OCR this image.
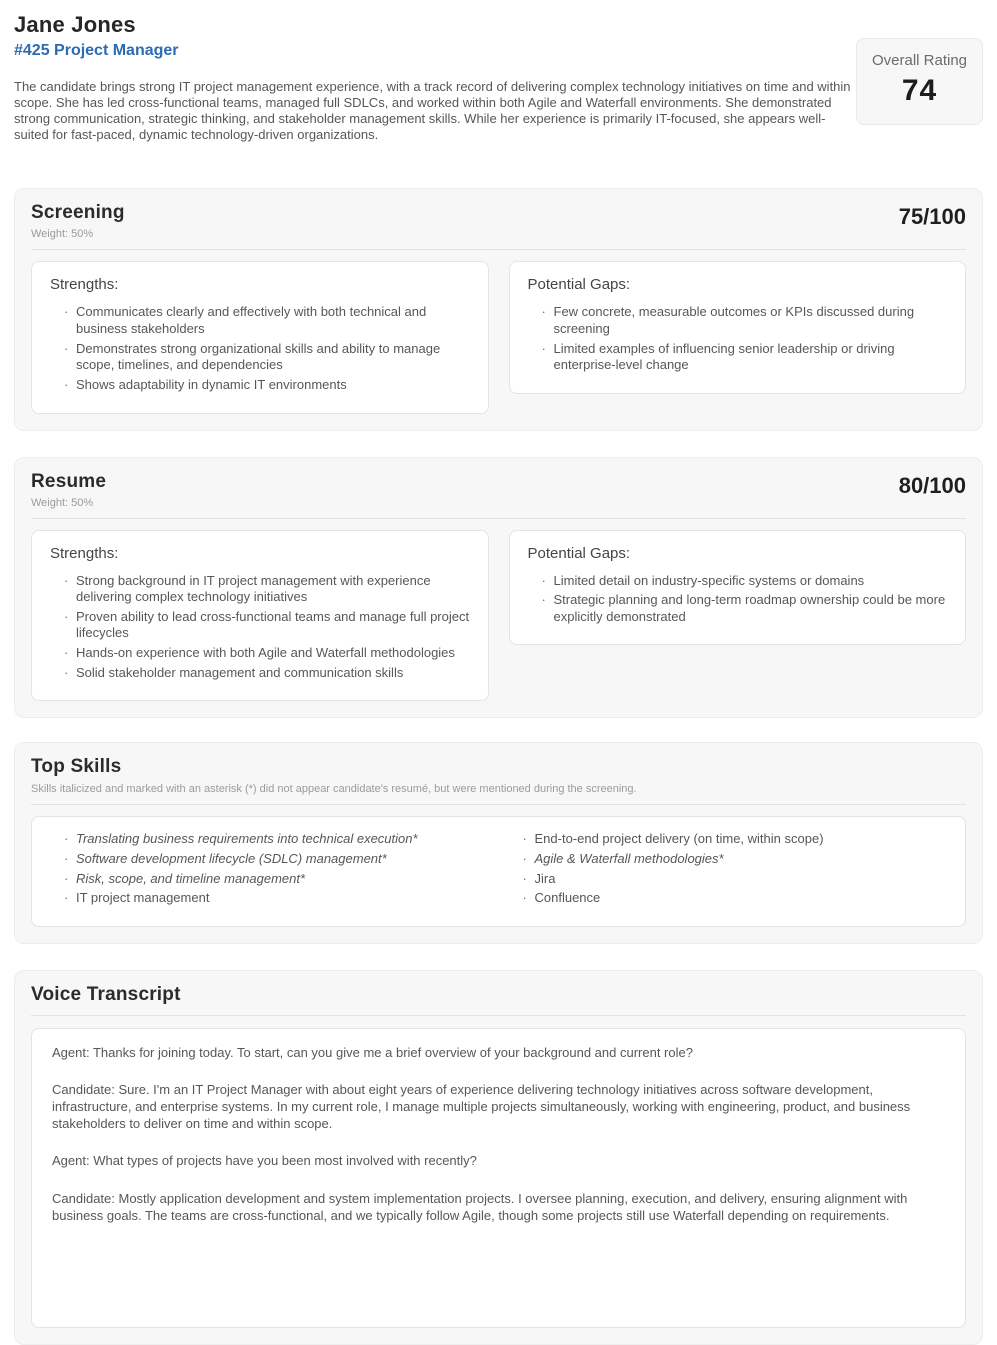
Jane Jones
#425 Project Manager

The candidate brings strong IT project management experience, with a track record of delivering complex technology initiatives on time and within scope. She has led cross-functional teams, managed full SDLCs, and worked within both Agile and Waterfall environments. She demonstrated strong communication, strategic thinking, and stakeholder management skills. While her experience is primarily IT-focused, she appears well-suited for fast-paced, dynamic technology-driven organizations.

Overall Rating
74
Screening
Weight: 50%
75/100
Strengths:
· Communicates clearly and effectively with both technical and business stakeholders
· Demonstrates strong organizational skills and ability to manage scope, timelines, and dependencies
· Shows adaptability in dynamic IT environments
Potential Gaps:
· Few concrete, measurable outcomes or KPIs discussed during screening
· Limited examples of influencing senior leadership or driving enterprise-level change
Resume
Weight: 50%
80/100
Strengths:
· Strong background in IT project management with experience delivering complex technology initiatives
· Proven ability to lead cross-functional teams and manage full project lifecycles
· Hands-on experience with both Agile and Waterfall methodologies
· Solid stakeholder management and communication skills
Potential Gaps:
· Limited detail on industry-specific systems or domains
· Strategic planning and long-term roadmap ownership could be more explicitly demonstrated
Top Skills
Skills italicized and marked with an asterisk (*) did not appear candidate's resumé, but were mentioned during the screening.
· Translating business requirements into technical execution*
· Software development lifecycle (SDLC) management*
· Risk, scope, and timeline management*
· IT project management
· End-to-end project delivery (on time, within scope)
· Agile & Waterfall methodologies*
· Jira
· Confluence
Voice Transcript

Agent: Thanks for joining today. To start, can you give me a brief overview of your background and current role?

Candidate: Sure. I'm an IT Project Manager with about eight years of experience delivering technology initiatives across software development, infrastructure, and enterprise systems. In my current role, I manage multiple projects simultaneously, working with engineering, product, and business stakeholders to deliver on time and within scope.

Agent: What types of projects have you been most involved with recently?

Candidate: Mostly application development and system implementation projects. I oversee planning, execution, and delivery, ensuring alignment with business goals. The teams are cross-functional, and we typically follow Agile, though some projects still use Waterfall depending on requirements.
